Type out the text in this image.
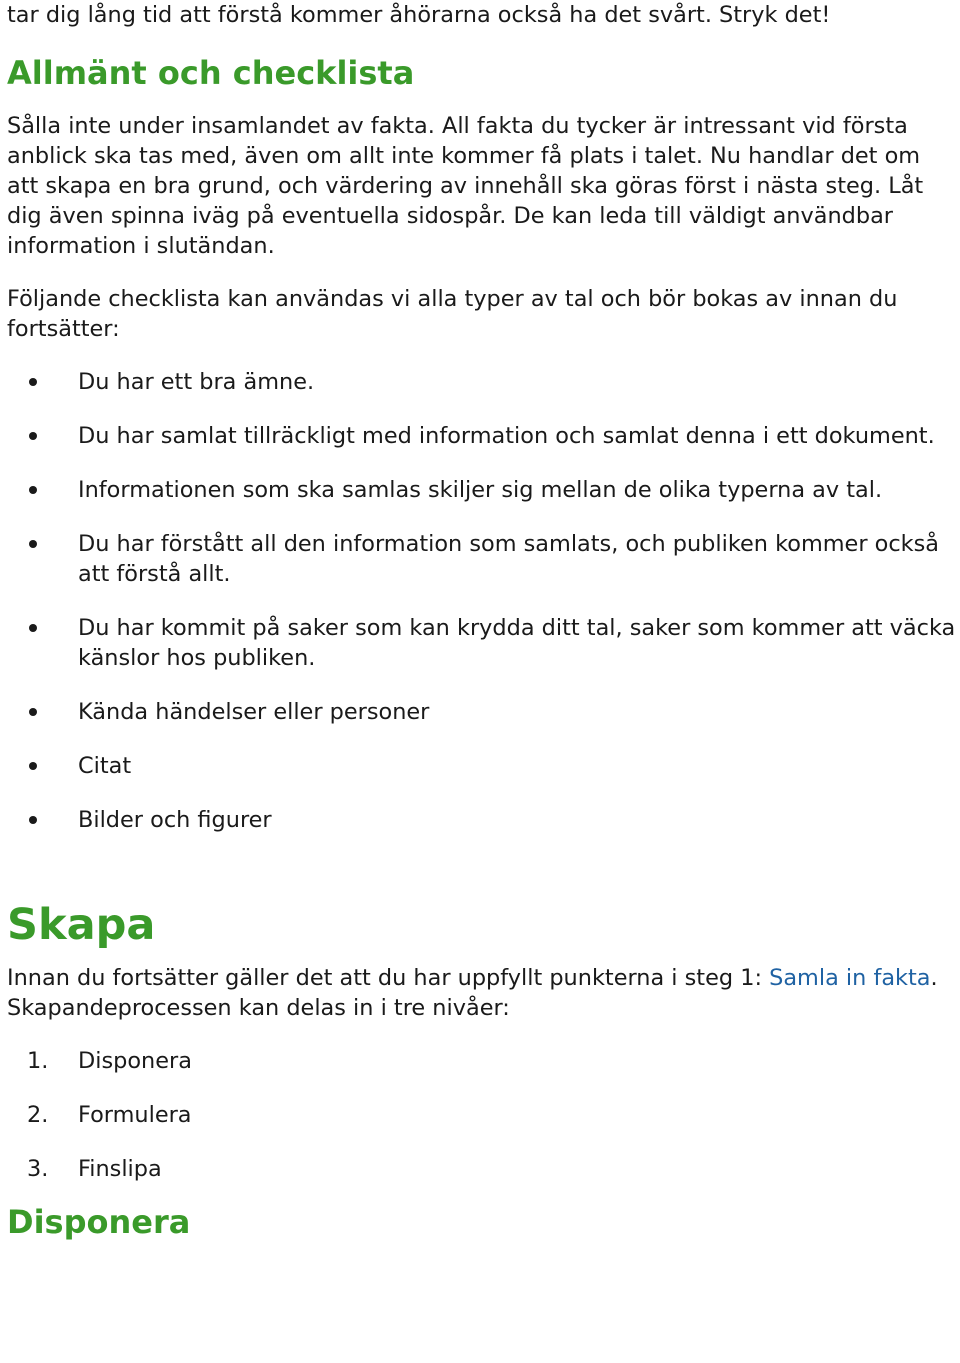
tar dig lång tid att förstå kommer åhörarna också ha det svårt. Stryk det!

Allmänt och checklista

Sålla inte under insamlandet av fakta. All fakta du tycker är intressant vid första anblick ska tas med, även om allt inte kommer få plats i talet. Nu handlar det om att skapa en bra grund, och värdering av innehåll ska göras först i nästa steg. Låt dig även spinna iväg på eventuella sidospår. De kan leda till väldigt användbar information i slutändan.

Följande checklista kan användas vi alla typer av tal och bör bokas av innan du fortsätter:

Du har ett bra ämne.
Du har samlat tillräckligt med information och samlat denna i ett dokument.
Informationen som ska samlas skiljer sig mellan de olika typerna av tal.
Du har förstått all den information som samlats, och publiken kommer också att förstå allt.
Du har kommit på saker som kan krydda ditt tal, saker som kommer att väcka känslor hos publiken.
Kända händelser eller personer
Citat
Bilder och figurer
Skapa

Innan du fortsätter gäller det att du har uppfyllt punkterna i steg 1: Samla in fakta.

Skapandeprocessen kan delas in i tre nivåer:

1. Disponera
2. Formulera
3. Finslipa
Disponera
